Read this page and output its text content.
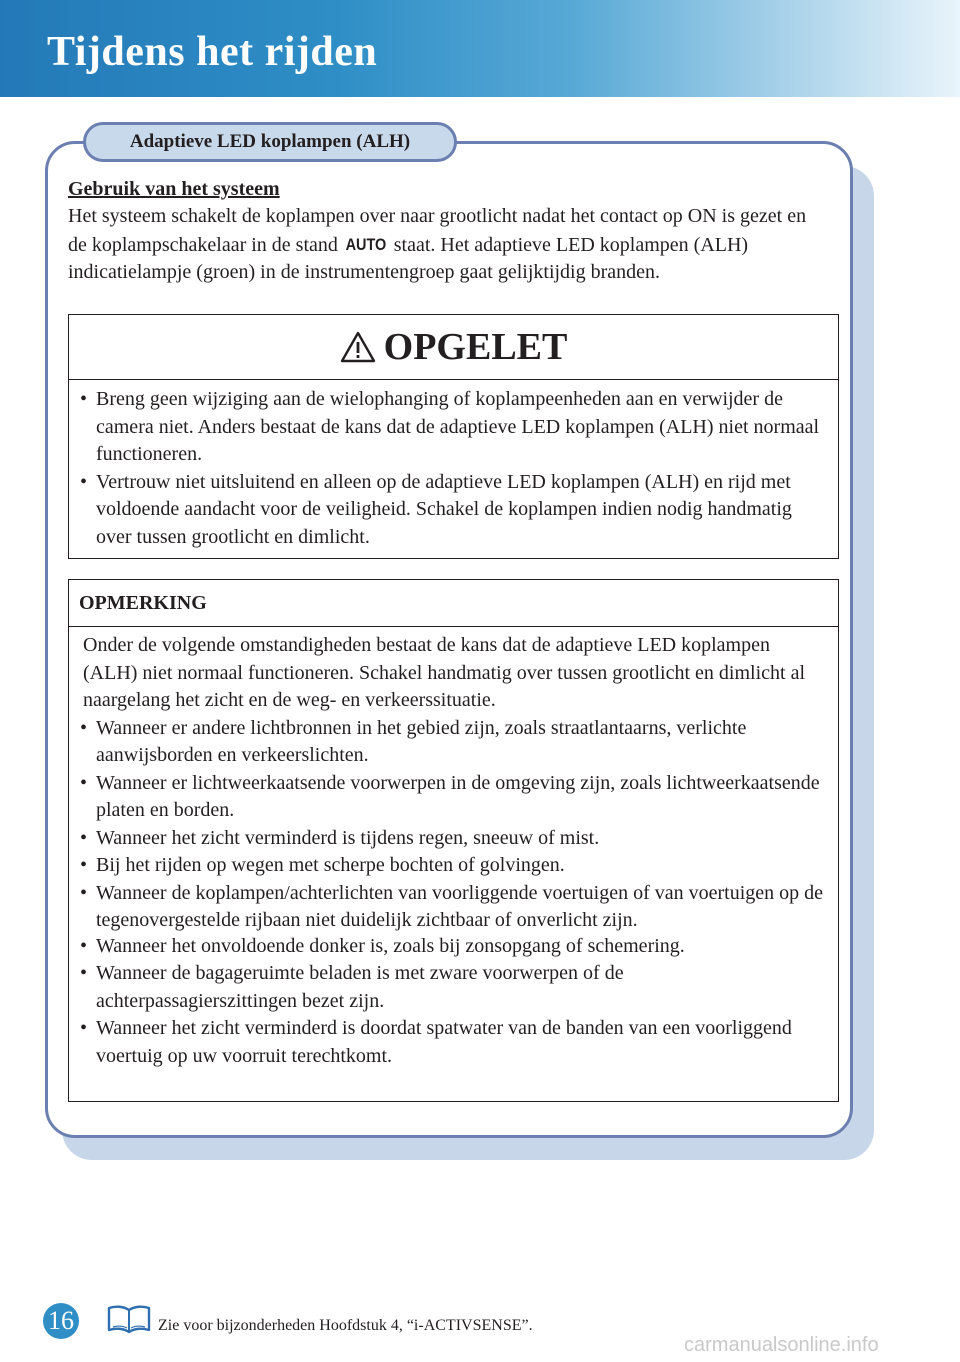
Tijdens het rijden
Adaptieve LED koplampen (ALH)
Gebruik van het systeem

Het systeem schakelt de koplampen over naar grootlicht nadat het contact op ON is gezet en de koplampschakelaar in de stand AUTO staat. Het adaptieve LED koplampen (ALH) indicatielampje (groen) in de instrumentengroep gaat gelijktijdig branden.

OPGELET
• Breng geen wijziging aan de wielophanging of koplampeenheden aan en verwijder de camera niet. Anders bestaat de kans dat de adaptieve LED koplampen (ALH) niet normaal functioneren.
• Vertrouw niet uitsluitend en alleen op de adaptieve LED koplampen (ALH) en rijd met voldoende aandacht voor de veiligheid. Schakel de koplampen indien nodig handmatig over tussen grootlicht en dimlicht.
OPMERKING

Onder de volgende omstandigheden bestaat de kans dat de adaptieve LED koplampen (ALH) niet normaal functioneren. Schakel handmatig over tussen grootlicht en dimlicht al naargelang het zicht en de weg- en verkeerssituatie.

• Wanneer er andere lichtbronnen in het gebied zijn, zoals straatlantaarns, verlichte aanwijsborden en verkeerslichten.
• Wanneer er lichtweerkaatsende voorwerpen in de omgeving zijn, zoals lichtweerkaatsende platen en borden.
• Wanneer het zicht verminderd is tijdens regen, sneeuw of mist.
• Bij het rijden op wegen met scherpe bochten of golvingen.
• Wanneer de koplampen/achterlichten van voorliggende voertuigen of van voertuigen op de tegenovergestelde rijbaan niet duidelijk zichtbaar of onverlicht zijn.
• Wanneer het onvoldoende donker is, zoals bij zonsopgang of schemering.
• Wanneer de bagageruimte beladen is met zware voorwerpen of de achterpassagierszittingen bezet zijn.
• Wanneer het zicht verminderd is doordat spatwater van de banden van een voorliggend voertuig op uw voorruit terechtkomt.
16	Zie voor bijzonderheden Hoofdstuk 4, “i-ACTIVSENSE”.
carmanualsonline.info
